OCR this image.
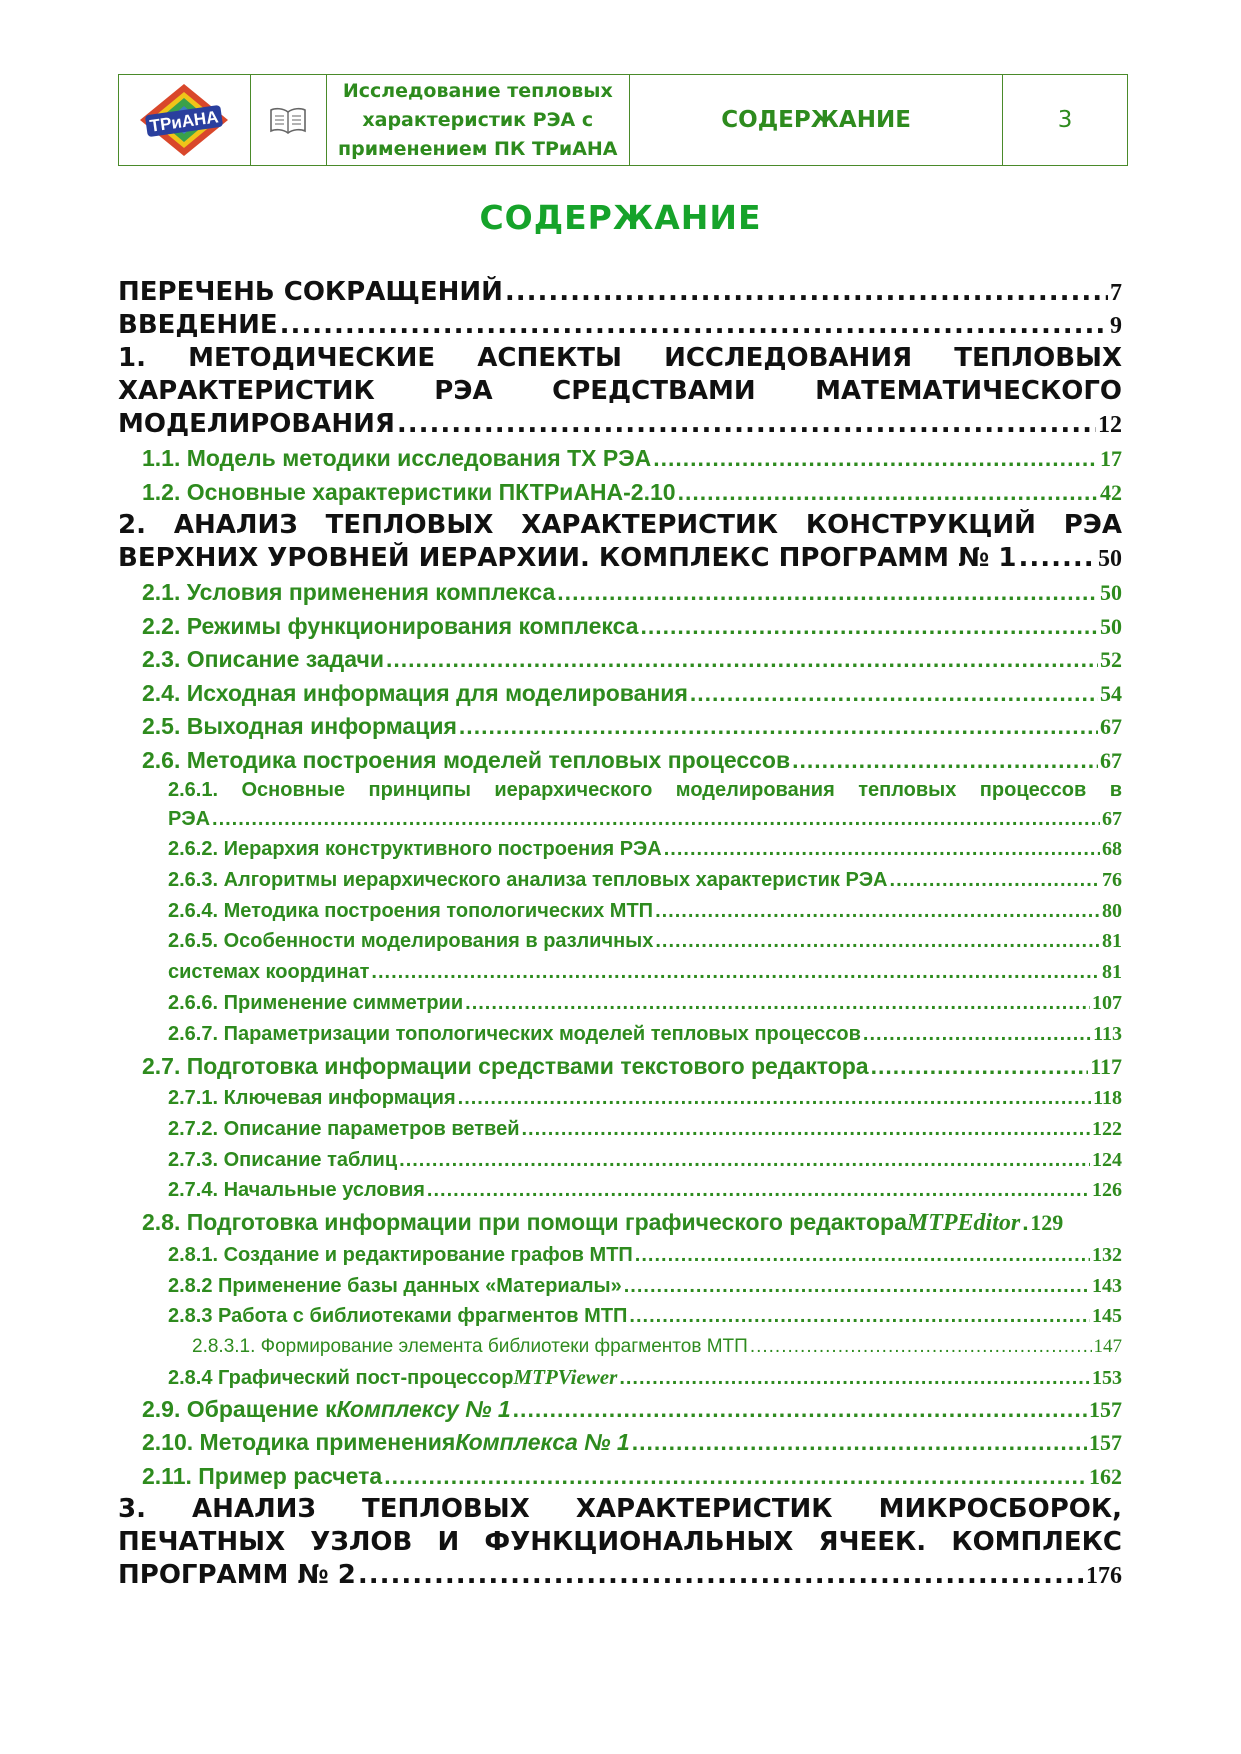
ТРиАНА
Исследование тепловых
характеристик РЭА с
применением ПК ТРиАНА
СОДЕРЖАНИЕ	3
СОДЕРЖАНИЕ
ПЕРЕЧЕНЬ СОКРАЩЕНИЙ .....	7
ВВЕДЕНИЕ .....	9
1. МЕТОДИЧЕСКИЕ АСПЕКТЫ ИССЛЕДОВАНИЯ ТЕПЛОВЫХ
ХАРАКТЕРИСТИК РЭА СРЕДСТВАМИ МАТЕМАТИЧЕСКОГО
МОДЕЛИРОВАНИЯ .....	12
1.1. Модель методики исследования ТХ РЭА .....	17
1.2. Основные характеристики ПКТРиАНА-2.10 .....	42
2. АНАЛИЗ ТЕПЛОВЫХ ХАРАКТЕРИСТИК КОНСТРУКЦИЙ РЭА
ВЕРХНИХ УРОВНЕЙ ИЕРАРХИИ. КОМПЛЕКС ПРОГРАММ № 1 .....	50
2.1. Условия применения комплекса .....	50
2.2. Режимы функционирования комплекса .....	50
2.3. Описание задачи .....	52
2.4. Исходная информация для моделирования .....	54
2.5. Выходная информация .....	67
2.6. Методика построения моделей тепловых процессов .....	67
2.6.1. Основные принципы иерархического моделирования тепловых процессов в
РЭА .....	67
2.6.2. Иерархия конструктивного построения РЭА .....	68
2.6.3. Алгоритмы иерархического анализа тепловых характеристик РЭА .....	76
2.6.4. Методика построения топологических МТП .....	80
2.6.5. Особенности моделирования в различных .....	81
системах координат .....	81
2.6.6. Применение симметрии .....	107
2.6.7. Параметризации топологических моделей тепловых процессов .....	113
2.7. Подготовка информации средствами текстового редактора .....	117
2.7.1. Ключевая информация .....	118
2.7.2. Описание параметров ветвей .....	122
2.7.3. Описание таблиц .....	124
2.7.4. Начальные условия .....	126
2.8. Подготовка информации при помощи графического редактора MTPEditor ..... 129
2.8.1. Создание и редактирование графов МТП .....	132
2.8.2 Применение базы данных «Материалы» .....	143
2.8.3 Работа с библиотеками фрагментов МТП .....	145
2.8.3.1. Формирование элемента библиотеки фрагментов МТП .....	147
2.8.4 Графический пост-процессор MTPViewer .....	153
2.9. Обращение к Комплексу № 1 .....	157
2.10. Методика применения Комплекса № 1 .....	157
2.11. Пример расчета .....	162
3. АНАЛИЗ ТЕПЛОВЫХ ХАРАКТЕРИСТИК МИКРОСБОРОК,
ПЕЧАТНЫХ УЗЛОВ И ФУНКЦИОНАЛЬНЫХ ЯЧЕЕК. КОМПЛЕКС
ПРОГРАММ № 2 .....	176
